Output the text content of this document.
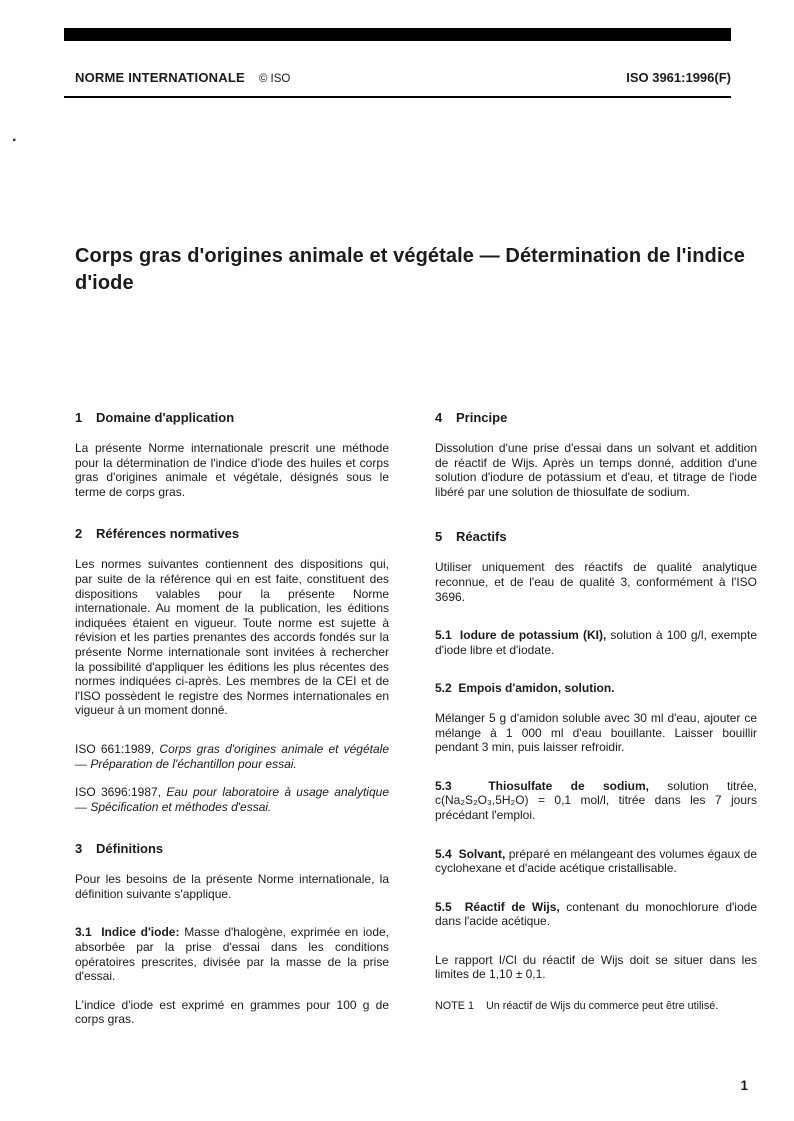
NORME INTERNATIONALE © ISO	ISO 3961:1996(F)
.
Corps gras d'origines animale et végétale — Détermination de l'indice d'iode
1 Domaine d'application

La présente Norme internationale prescrit une méthode pour la détermination de l'indice d'iode des huiles et corps gras d'origines animale et végétale, désignés sous le terme de corps gras.

2 Références normatives

Les normes suivantes contiennent des dispositions qui, par suite de la référence qui en est faite, constituent des dispositions valables pour la présente Norme internationale. Au moment de la publication, les éditions indiquées étaient en vigueur. Toute norme est sujette à révision et les parties prenantes des accords fondés sur la présente Norme internationale sont invitées à rechercher la possibilité d'appliquer les éditions les plus récentes des normes indiquées ci-après. Les membres de la CEI et de l'ISO possèdent le registre des Normes internationales en vigueur à un moment donné.

ISO 661:1989, Corps gras d'origines animale et végétale — Préparation de l'échantillon pour essai.

ISO 3696:1987, Eau pour laboratoire à usage analytique — Spécification et méthodes d'essai.

3 Définitions

Pour les besoins de la présente Norme internationale, la définition suivante s'applique.

3.1  Indice d'iode: Masse d'halogène, exprimée en iode, absorbée par la prise d'essai dans les conditions opératoires prescrites, divisée par la masse de la prise d'essai.

L'indice d'iode est exprimé en grammes pour 100 g de corps gras.

4 Principe

Dissolution d'une prise d'essai dans un solvant et addition de réactif de Wijs. Après un temps donné, addition d'une solution d'iodure de potassium et d'eau, et titrage de l'iode libéré par une solution de thiosulfate de sodium.

5 Réactifs

Utiliser uniquement des réactifs de qualité analytique reconnue, et de l'eau de qualité 3, conformément à l'ISO 3696.

5.1  Iodure de potassium (KI), solution à 100 g/l, exempte d'iode libre et d'iodate.

5.2  Empois d'amidon, solution.

Mélanger 5 g d'amidon soluble avec 30 ml d'eau, ajouter ce mélange à 1 000 ml d'eau bouillante. Laisser bouillir pendant 3 min, puis laisser refroidir.

5.3  Thiosulfate de sodium, solution titrée, c(Na₂S₂O₃,5H₂O) = 0,1 mol/l, titrée dans les 7 jours précédant l'emploi.

5.4  Solvant, préparé en mélangeant des volumes égaux de cyclohexane et d'acide acétique cristallisable.

5.5  Réactif de Wijs, contenant du monochlorure d'iode dans l'acide acétique.

Le rapport I/Cl du réactif de Wijs doit se situer dans les limites de 1,10 ± 0,1.

NOTE 1 Un réactif de Wijs du commerce peut être utilisé.

1
